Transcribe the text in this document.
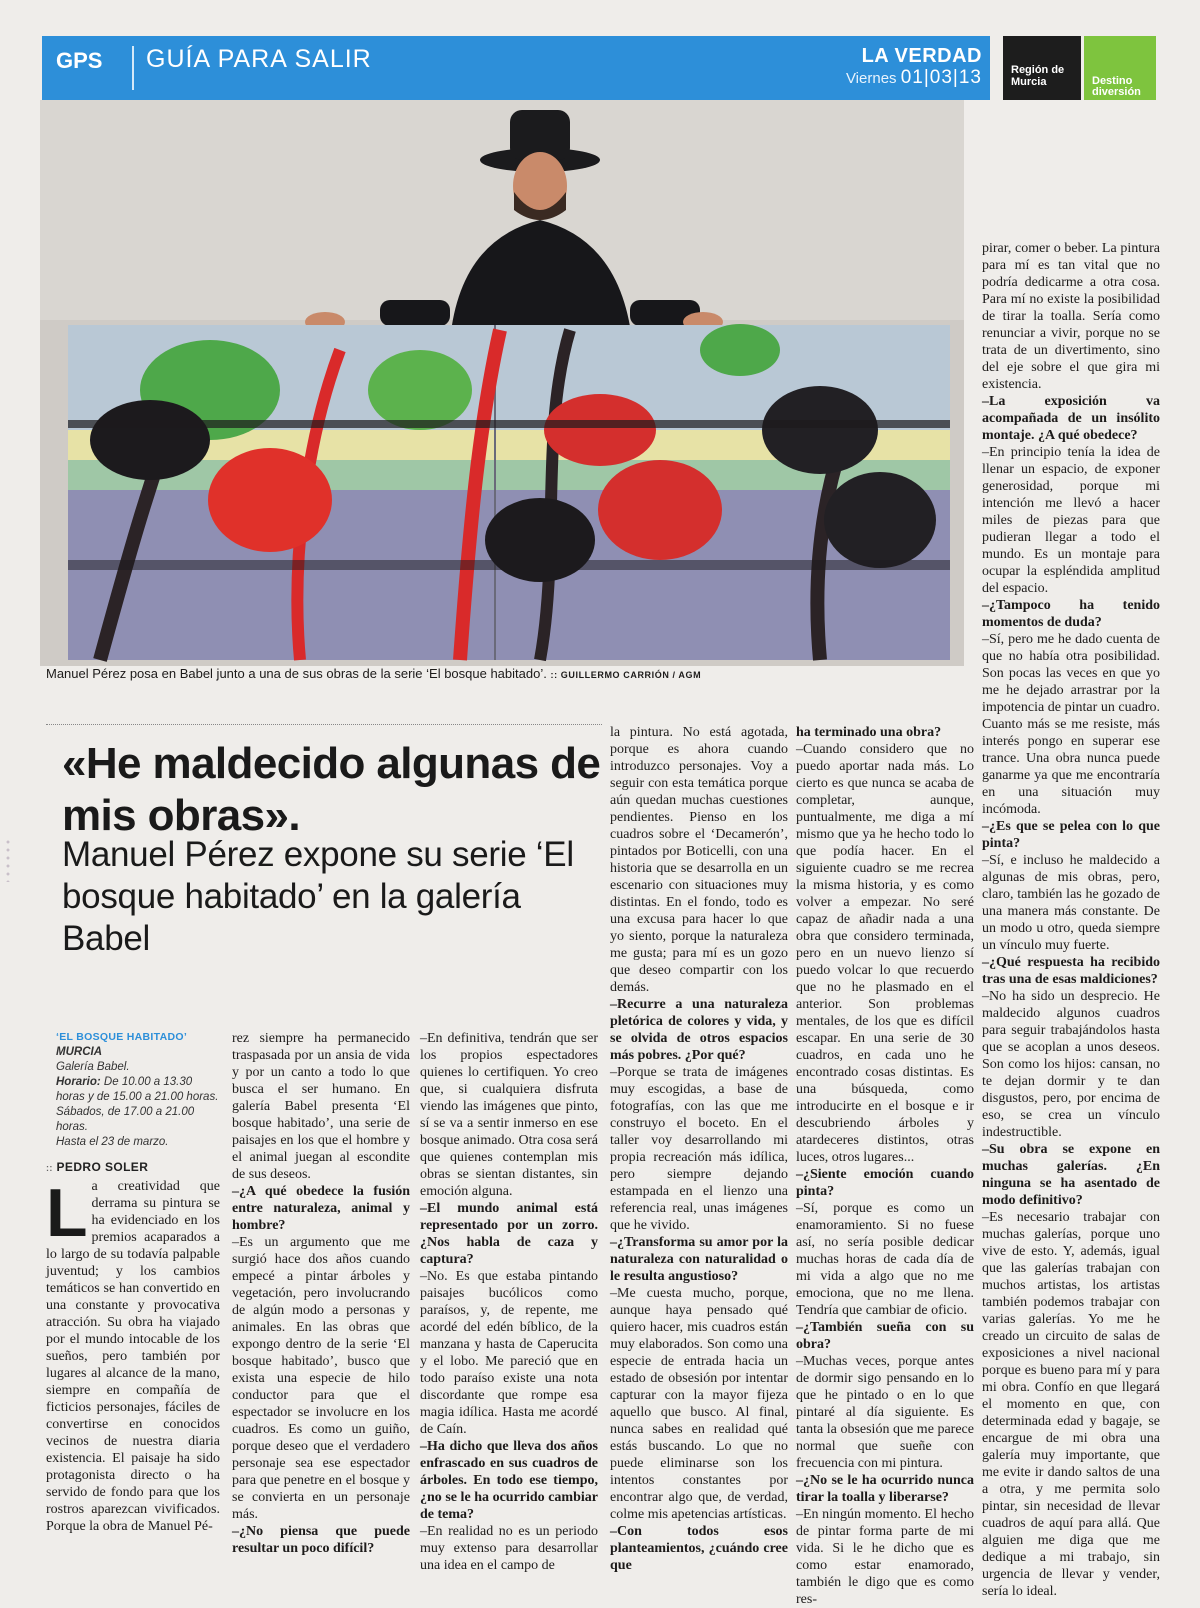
GPS GUÍA PARA SALIR	LA VERDAD
Viernes 01|03|13	Región de Murcia	Destino diversión
Manuel Pérez posa en Babel junto a una de sus obras de la serie ‘El bosque habitado’. :: GUILLERMO CARRIÓN / AGM
«He maldecido algunas de mis obras».
Manuel Pérez expone su serie ‘El bosque habitado’ en la galería Babel
‘EL BOSQUE HABITADO’
MURCIA
Galería Babel.
Horario: De 10.00 a 13.30 horas y de 15.00 a 21.00 horas. Sábados, de 17.00 a 21.00 horas.
Hasta el 23 de marzo.
:: PEDRO SOLER
L a creatividad que derrama su pintura se ha evidenciado en los premios acaparados a lo largo de su todavía palpable juventud; y los cambios temáticos se han convertido en una constante y provocativa atracción. Su obra ha viajado por el mundo intocable de los sueños, pero también por lugares al alcance de la mano, siempre en compañía de ficticios personajes, fáciles de convertirse en conocidos vecinos de nuestra diaria existencia. El paisaje ha sido protagonista directo o ha servido de fondo para que los rostros aparezcan vivificados. Porque la obra de Manuel Pé-

rez siempre ha permanecido traspasada por un ansia de vida y por un canto a todo lo que busca el ser humano. En galería Babel presenta ‘El bosque habitado’, una serie de paisajes en los que el hombre y el animal juegan al escondite de sus deseos.

–¿A qué obedece la fusión entre naturaleza, animal y hombre?

–Es un argumento que me surgió hace dos años cuando empecé a pintar árboles y vegetación, pero involucrando de algún modo a personas y animales. En las obras que expongo dentro de la serie ‘El bosque habitado’, busco que exista una especie de hilo conductor para que el espectador se involucre en los cuadros. Es como un guiño, porque deseo que el verdadero personaje sea ese espectador para que penetre en el bosque y se convierta en un personaje más.

–¿No piensa que puede resultar un poco difícil?

–En definitiva, tendrán que ser los propios espectadores quienes lo certifiquen. Yo creo que, si cualquiera disfruta viendo las imágenes que pinto, sí se va a sentir inmerso en ese bosque animado. Otra cosa será que quienes contemplan mis obras se sientan distantes, sin emoción alguna.

–El mundo animal está representado por un zorro. ¿Nos habla de caza y captura?

–No. Es que estaba pintando paisajes bucólicos como paraísos, y, de repente, me acordé del edén bíblico, de la manzana y hasta de Caperucita y el lobo. Me pareció que en todo paraíso existe una nota discordante que rompe esa magia idílica. Hasta me acordé de Caín.

–Ha dicho que lleva dos años enfrascado en sus cuadros de árboles. En todo ese tiempo, ¿no se le ha ocurrido cambiar de tema?

–En realidad no es un periodo muy extenso para desarrollar una idea en el campo de

la pintura. No está agotada, porque es ahora cuando introduzco personajes. Voy a seguir con esta temática porque aún quedan muchas cuestiones pendientes. Pienso en los cuadros sobre el ‘Decamerón’, pintados por Boticelli, con una historia que se desarrolla en un escenario con situaciones muy distintas. En el fondo, todo es una excusa para hacer lo que yo siento, porque la naturaleza me gusta; para mí es un gozo que deseo compartir con los demás.

–Recurre a una naturaleza pletórica de colores y vida, y se olvida de otros espacios más pobres. ¿Por qué?

–Porque se trata de imágenes muy escogidas, a base de fotografías, con las que me construyo el boceto. En el taller voy desarrollando mi propia recreación más idílica, pero siempre dejando estampada en el lienzo una referencia real, unas imágenes que he vivido.

–¿Transforma su amor por la naturaleza con naturalidad o le resulta angustioso?

–Me cuesta mucho, porque, aunque haya pensado qué quiero hacer, mis cuadros están muy elaborados. Son como una especie de entrada hacia un estado de obsesión por intentar capturar con la mayor fijeza aquello que busco. Al final, nunca sabes en realidad qué estás buscando. Lo que no puede eliminarse son los intentos constantes por encontrar algo que, de verdad, colme mis apetencias artísticas.

–Con todos esos planteamientos, ¿cuándo cree que

ha terminado una obra?

–Cuando considero que no puedo aportar nada más. Lo cierto es que nunca se acaba de completar, aunque, puntualmente, me diga a mí mismo que ya he hecho todo lo que podía hacer. En el siguiente cuadro se me recrea la misma historia, y es como volver a empezar. No seré capaz de añadir nada a una obra que considero terminada, pero en un nuevo lienzo sí puedo volcar lo que recuerdo que no he plasmado en el anterior. Son problemas mentales, de los que es difícil escapar. En una serie de 30 cuadros, en cada uno he encontrado cosas distintas. Es una búsqueda, como introducirte en el bosque e ir descubriendo árboles y atardeceres distintos, otras luces, otros lugares...

–¿Siente emoción cuando pinta?

–Sí, porque es como un enamoramiento. Si no fuese así, no sería posible dedicar muchas horas de cada día de mi vida a algo que no me emociona, que no me llena. Tendría que cambiar de oficio.

–¿También sueña con su obra?

–Muchas veces, porque antes de dormir sigo pensando en lo que he pintado o en lo que pintaré al día siguiente. Es tanta la obsesión que me parece normal que sueñe con frecuencia con mi pintura.

–¿No se le ha ocurrido nunca tirar la toalla y liberarse?

–En ningún momento. El hecho de pintar forma parte de mi vida. Si le he dicho que es como estar enamorado, también le digo que es como res-

pirar, comer o beber. La pintura para mí es tan vital que no podría dedicarme a otra cosa. Para mí no existe la posibilidad de tirar la toalla. Sería como renunciar a vivir, porque no se trata de un divertimento, sino del eje sobre el que gira mi existencia.

–La exposición va acompañada de un insólito montaje. ¿A qué obedece?

–En principio tenía la idea de llenar un espacio, de exponer generosidad, porque mi intención me llevó a hacer miles de piezas para que pudieran llegar a todo el mundo. Es un montaje para ocupar la espléndida amplitud del espacio.

–¿Tampoco ha tenido momentos de duda?

–Sí, pero me he dado cuenta de que no había otra posibilidad. Son pocas las veces en que yo me he dejado arrastrar por la impotencia de pintar un cuadro. Cuanto más se me resiste, más interés pongo en superar ese trance. Una obra nunca puede ganarme ya que me encontraría en una situación muy incómoda.

–¿Es que se pelea con lo que pinta?

–Sí, e incluso he maldecido a algunas de mis obras, pero, claro, también las he gozado de una manera más constante. De un modo u otro, queda siempre un vínculo muy fuerte.

–¿Qué respuesta ha recibido tras una de esas maldiciones?

–No ha sido un desprecio. He maldecido algunos cuadros para seguir trabajándolos hasta que se acoplan a unos deseos. Son como los hijos: cansan, no te dejan dormir y te dan disgustos, pero, por encima de eso, se crea un vínculo indestructible.

–Su obra se expone en muchas galerías. ¿En ninguna se ha asentado de modo definitivo?

–Es necesario trabajar con muchas galerías, porque uno vive de esto. Y, además, igual que las galerías trabajan con muchos artistas, los artistas también podemos trabajar con varias galerías. Yo me he creado un circuito de salas de exposiciones a nivel nacional porque es bueno para mí y para mi obra. Confío en que llegará el momento en que, con determinada edad y bagaje, se encargue de mi obra una galería muy importante, que me evite ir dando saltos de una a otra, y me permita solo pintar, sin necesidad de llevar cuadros de aquí para allá. Que alguien me diga que me dedique a mi trabajo, sin urgencia de llevar y vender, sería lo ideal.
